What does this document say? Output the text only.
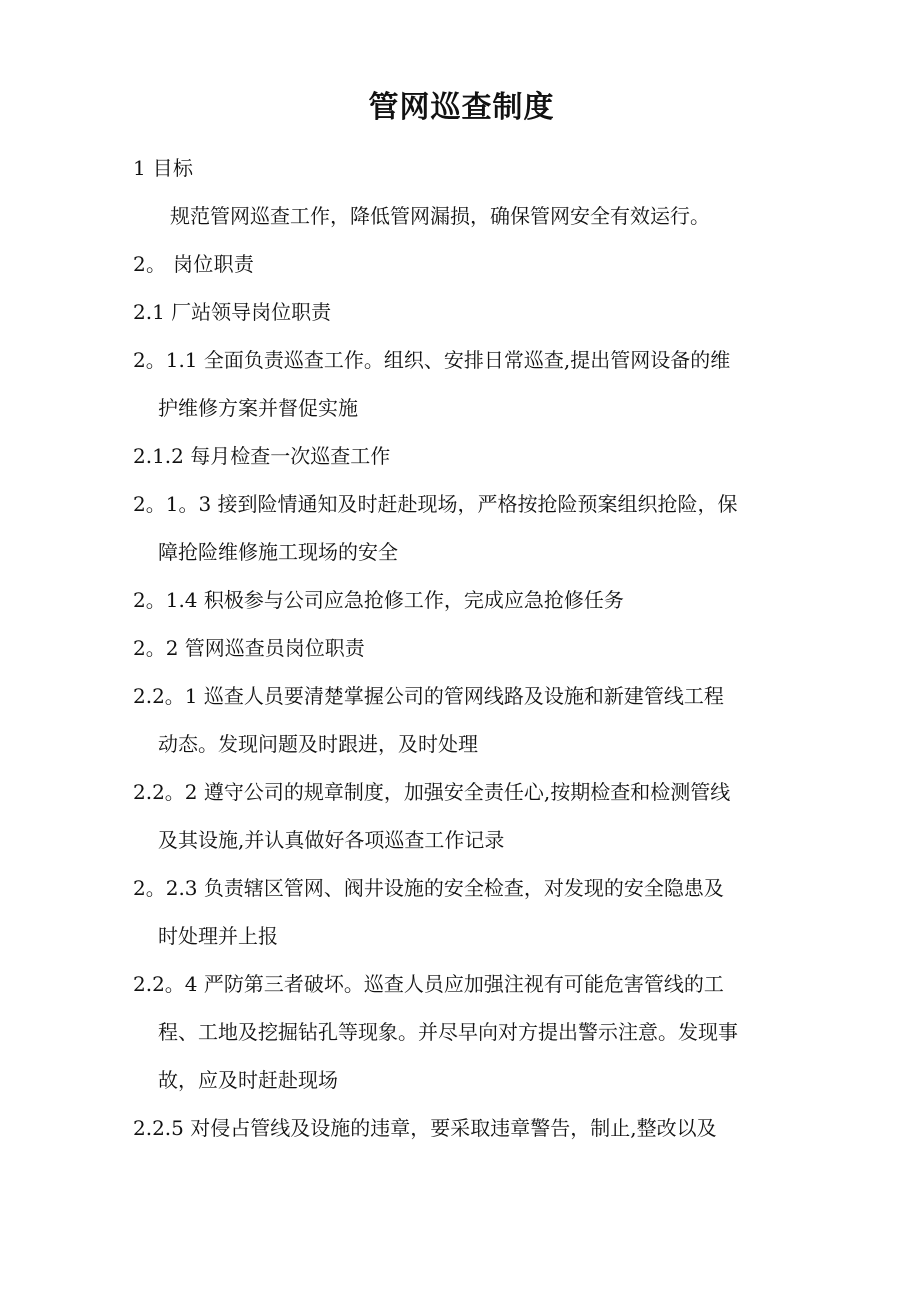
管网巡查制度
1 目标
规范管网巡查工作，降低管网漏损，确保管网安全有效运行。
2。 岗位职责
2.1 厂站领导岗位职责
2。1.1 全面负责巡查工作。组织、安排日常巡查,提出管网设备的维
护维修方案并督促实施
2.1.2 每月检查一次巡查工作
2。1。3 接到险情通知及时赶赴现场，严格按抢险预案组织抢险，保
障抢险维修施工现场的安全
2。1.4 积极参与公司应急抢修工作，完成应急抢修任务
2。2 管网巡查员岗位职责
2.2。1 巡查人员要清楚掌握公司的管网线路及设施和新建管线工程
动态。发现问题及时跟进，及时处理
2.2。2 遵守公司的规章制度，加强安全责任心,按期检查和检测管线
及其设施,并认真做好各项巡查工作记录
2。2.3 负责辖区管网、阀井设施的安全检查，对发现的安全隐患及
时处理并上报
2.2。4 严防第三者破坏。巡查人员应加强注视有可能危害管线的工
程、工地及挖掘钻孔等现象。并尽早向对方提出警示注意。发现事
故，应及时赶赴现场
2.2.5 对侵占管线及设施的违章，要采取违章警告，制止,整改以及
